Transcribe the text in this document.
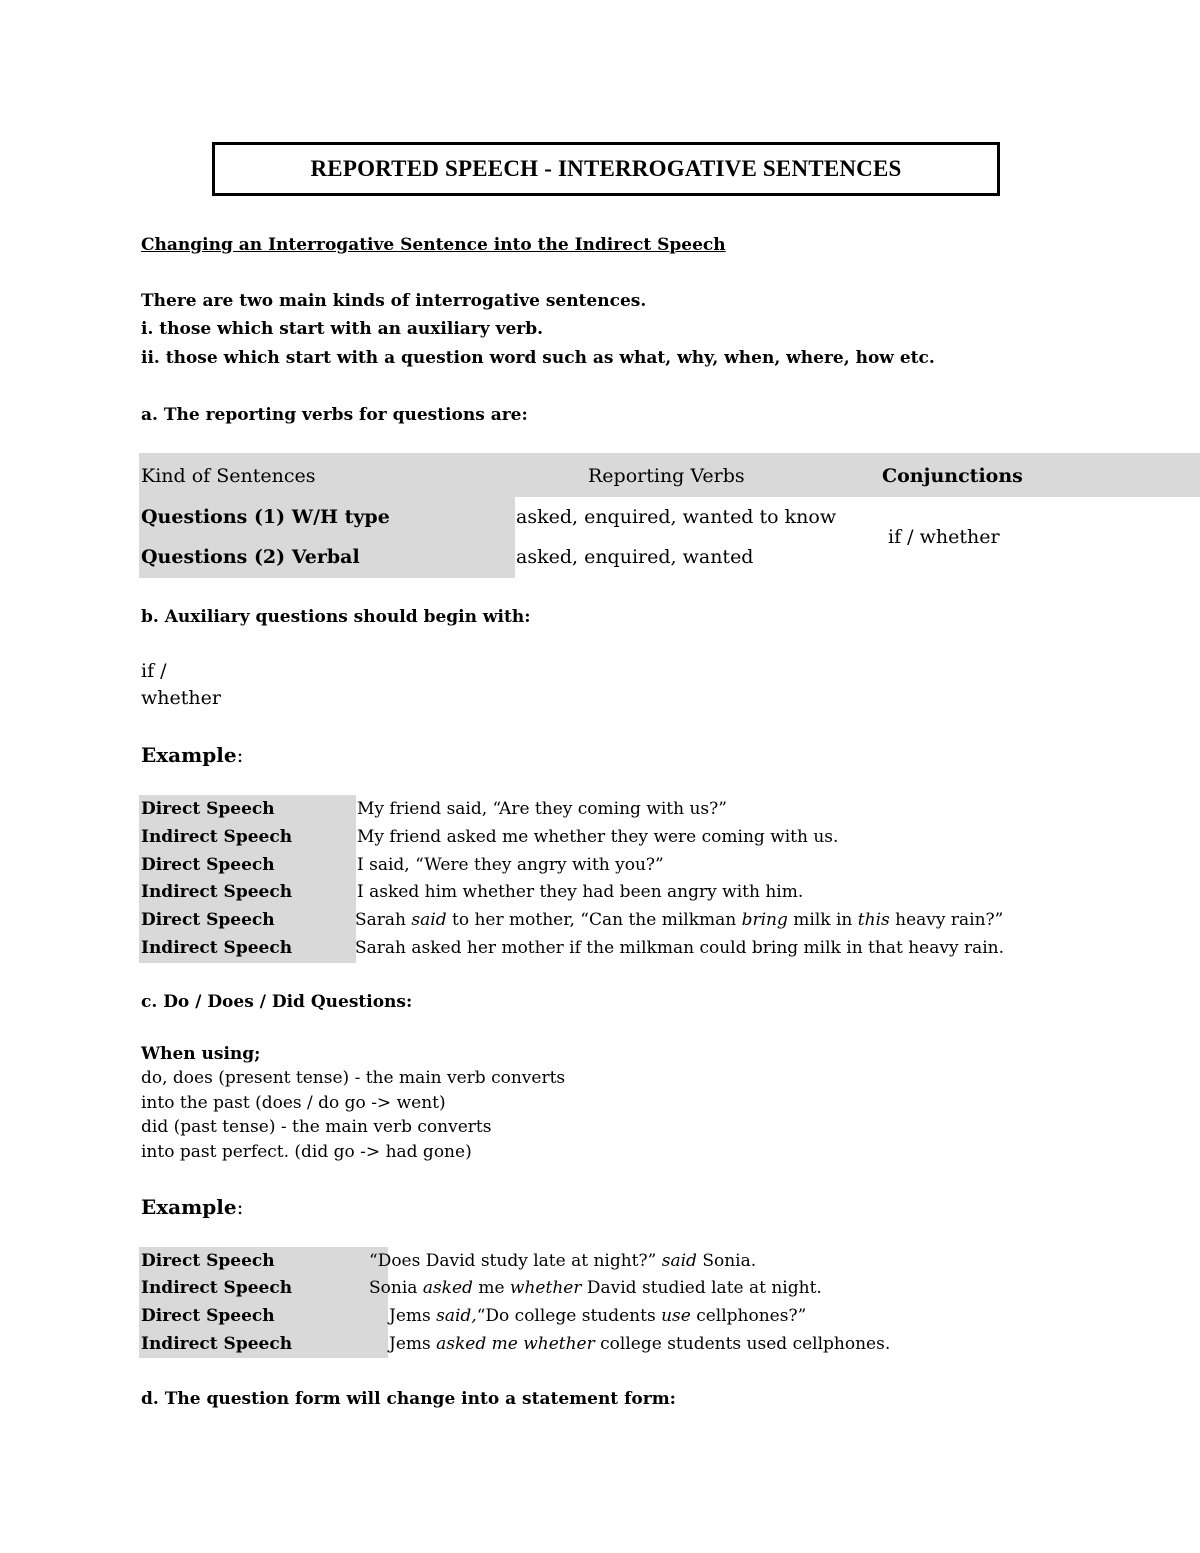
REPORTED SPEECH - INTERROGATIVE SENTENCES
Changing an Interrogative Sentence into the Indirect Speech
There are two main kinds of interrogative sentences.
i. those which start with an auxiliary verb.
ii. those which start with a question word such as what, why, when, where, how etc.
a. The reporting verbs for questions are:
Kind of Sentences	Reporting Verbs	Conjunctions
Questions (1) W/H type	asked, enquired, wanted to know
Questions (2) Verbal	asked, enquired, wanted
if / whether
b. Auxiliary questions should begin with:
if /
whether
Example:
Direct Speech	My friend said, “Are they coming with us?”
Indirect Speech	My friend asked me whether they were coming with us.
Direct Speech	I said, “Were they angry with you?”
Indirect Speech	I asked him whether they had been angry with him.
Direct Speech	Sarah said to her mother, “Can the milkman bring milk in this heavy rain?”
Indirect Speech	Sarah asked her mother if the milkman could bring milk in that heavy rain.
c. Do / Does / Did Questions:
When using;
do, does (present tense) - the main verb converts
into the past (does / do go -> went)
did (past tense) - the main verb converts
into past perfect. (did go -> had gone)
Example:
Direct Speech	“Does David study late at night?” said Sonia.
Indirect Speech	Sonia asked me whether David studied late at night.
Direct Speech	Jems said,“Do college students use cellphones?”
Indirect Speech	Jems asked me whether college students used cellphones.
d. The question form will change into a statement form:
